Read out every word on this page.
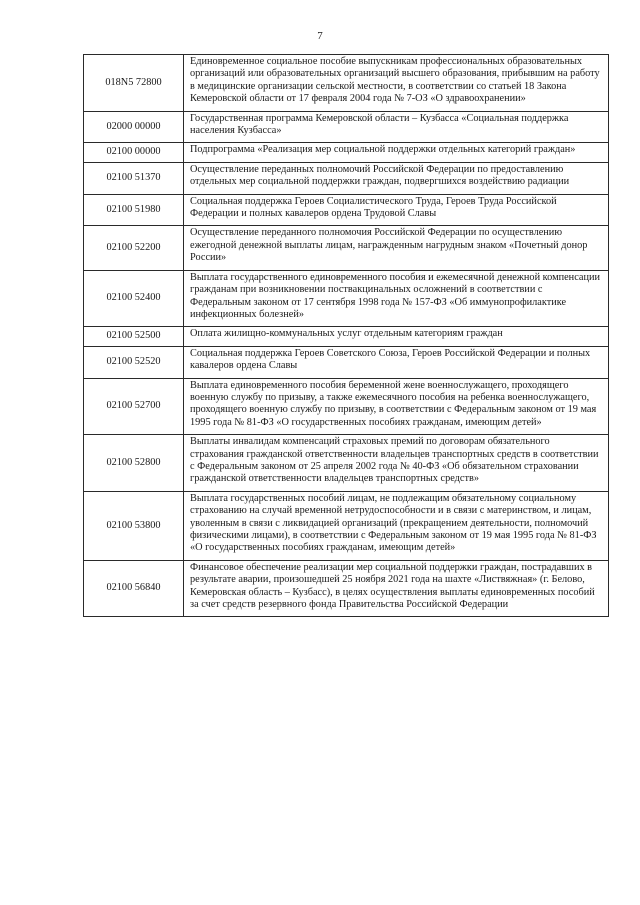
7
018N5 72800	Единовременное социальное пособие выпускникам профессиональных образовательных организаций или образовательных организаций высшего образования, прибывшим на работу в медицинские организации сельской местности, в соответствии со статьей 18 Закона Кемеровской области от 17 февраля 2004 года № 7-ОЗ «О здравоохранении»
02000 00000	Государственная программа Кемеровской области – Кузбасса «Социальная поддержка населения Кузбасса»
02100 00000	Подпрограмма «Реализация мер социальной поддержки отдельных категорий граждан»
02100 51370	Осуществление переданных полномочий Российской Федерации по предоставлению отдельных мер социальной поддержки граждан, подвергшихся воздействию радиации
02100 51980	Социальная поддержка Героев Социалистического Труда, Героев Труда Российской Федерации и полных кавалеров ордена Трудовой Славы
02100 52200	Осуществление переданного полномочия Российской Федерации по осуществлению ежегодной денежной выплаты лицам, награжденным нагрудным знаком «Почетный донор России»
02100 52400	Выплата государственного единовременного пособия и ежемесячной денежной компенсации гражданам при возникновении поствакцинальных осложнений в соответствии с Федеральным законом от 17 сентября 1998 года № 157-ФЗ «Об иммунопрофилактике инфекционных болезней»
02100 52500	Оплата жилищно-коммунальных услуг отдельным категориям граждан
02100 52520	Социальная поддержка Героев Советского Союза, Героев Российской Федерации и полных кавалеров ордена Славы
02100 52700	Выплата единовременного пособия беременной жене военнослужащего, проходящего военную службу по призыву, а также ежемесячного пособия на ребенка военнослужащего, проходящего военную службу по призыву, в соответствии с Федеральным законом от 19 мая 1995 года № 81-ФЗ «О государственных пособиях гражданам, имеющим детей»
02100 52800	Выплаты инвалидам компенсаций страховых премий по договорам обязательного страхования гражданской ответственности владельцев транспортных средств в соответствии с Федеральным законом от 25 апреля 2002 года № 40-ФЗ «Об обязательном страховании гражданской ответственности владельцев транспортных средств»
02100 53800	Выплата государственных пособий лицам, не подлежащим обязательному социальному страхованию на случай временной нетрудоспособности и в связи с материнством, и лицам, уволенным в связи с ликвидацией организаций (прекращением деятельности, полномочий физическими лицами), в соответствии с Федеральным законом от 19 мая 1995 года № 81-ФЗ «О государственных пособиях гражданам, имеющим детей»
02100 56840	Финансовое обеспечение реализации мер социальной поддержки граждан, пострадавших в результате аварии, произошедшей 25 ноября 2021 года на шахте «Листвяжная» (г. Белово, Кемеровская область – Кузбасс), в целях осуществления выплаты единовременных пособий за счет средств резервного фонда Правительства Российской Федерации
